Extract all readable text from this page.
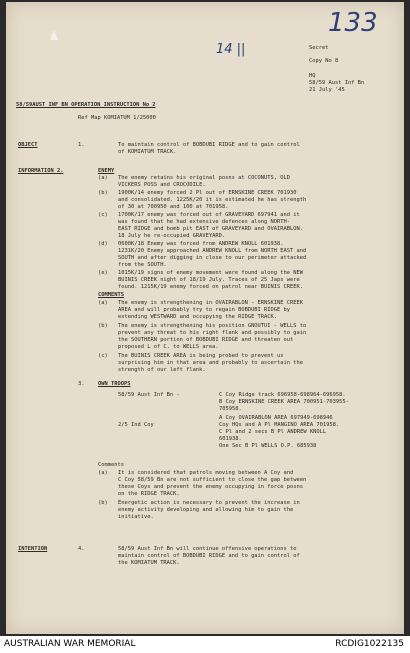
133
14 ||	Secret
Copy No 8
HQ
58/59 Aust Inf Bn
21 July '45
58/59AUST INF BN OPERATION INSTRUCTION No 2
Ref Map KOMIATUM 1/25000
OBJECT	1.	To maintain control of BOBDUBI RIDGE and to gain control
of KOMIATUM TRACK.
INFORMATION 2.	ENEMY
(a) The enemy retains his original posns at COCONUTS, OLD
VICKERS POSS and CROCODILE.
(b) 1900K/14 enemy forced 2 Pl out of ERNSKINE CREEK 701930
and consolidated. 1225K/20 it is estimated he has strength
of 30 at 700950 and 100 at 701958.
(c) 1700K/17 enemy was forced out of GRAVEYARD 697941 and it
was found that he had extensive defences along NORTH-
EAST RIDGE and bomb pit EAST of GRAVEYARD and OVAIRABLON.
18 July he re-occupied GRAVEYARD.
(d) 0600K/18 Enemy was forced from ANDREW KNOLL 601938.
1231K/20 Enemy approached ANDREW KNOLL from NORTH EAST and
SOUTH and after digging in close to our perimeter attacked
from the SOUTH.
(e) 1015K/19 signs of enemy movement were found along the NEW
BUINIS CREEK night of 18/19 July. Traces of 25 Japs were
found. 1215K/19 enemy forced on patrol near BUINIS CREEK.
COMMENTS
(a) The enemy is strengthening in OVAIRABLON - ERNSKINE CREEK
AREA and will probably try to regain BOBDUBI RIDGE by
extending WESTWARD and occupying the RIDGE TRACK.
(b) The enemy is strengthening his position GNOUTUI - WELLS to
prevent any threat to his right flank and possibly to gain
the SOUTHERN portion of BOBDUBI RIDGE and threaten out
proposed L of C. to WELLS area.
(c) The BUINIS CREEK AREA is being probed to prevent us
surprising him in that area and probably to ascertain the
strength of our left flank.
3.	OWN TROOPS
58/59 Aust Inf Bn -	C Coy Ridge track 696958-698964-696958.
B Coy ERNSKINE CREEK AREA 700951-703955-
705958.
A Coy OVAIRABLON AREA 697949-698946
Coy HQs and A Pl MANGINO AREA 701958.
C Pl and 2 secs B Pl ANDREW KNOLL
601938.
One Sec B Pl WELLS O.P. 685938
2/5 Ind Coy
Comments
(a) It is considered that patrols moving between A Coy and
C Coy 58/59 Bn are not sufficient to close the gap between
these Coys and prevent the enemy occupying in force posns
on the RIDGE TRACK.
(b) Energetic action is necessary to prevent the increase in
enemy activity developing and allowing him to gain the
initiative.
INTENTION	4.	58/59 Aust Inf Bn will continue offensive operations to
maintain control of BOBDUBI RIDGE and to gain control of
the KOMIATUM TRACK.
AUSTRALIAN WAR MEMORIAL	RCDIG1022135
